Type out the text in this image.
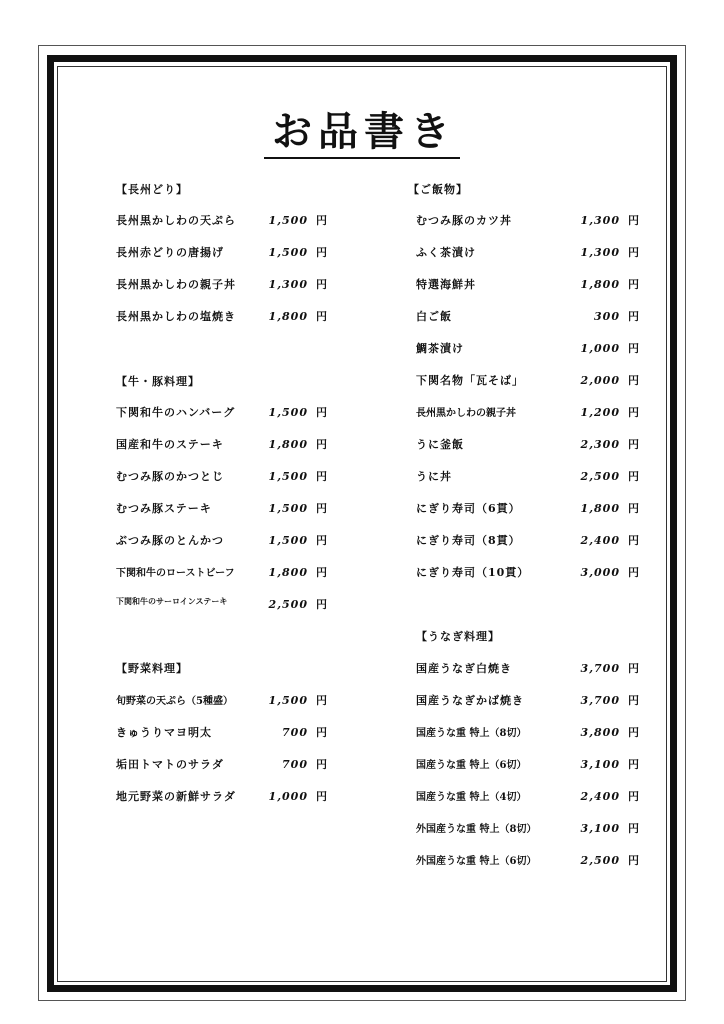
お品書き
【長州どり】
長州黒かしわの天ぷら	1,500 円
長州赤どりの唐揚げ	1,500 円
長州黒かしわの親子丼	1,300 円
長州黒かしわの塩焼き	1,800 円
【牛・豚料理】
下関和牛のハンバーグ	1,500 円
国産和牛のステーキ	1,800 円
むつみ豚のかつとじ	1,500 円
むつみ豚ステーキ	1,500 円
ぶつみ豚のとんかつ	1,500 円
下関和牛のローストビーフ	1,800 円
下関和牛のサーロインステーキ	2,500 円
【野菜料理】
旬野菜の天ぷら（5種盛）	1,500 円
きゅうりマヨ明太	700 円
垢田トマトのサラダ	700 円
地元野菜の新鮮サラダ	1,000 円
【ご飯物】
むつみ豚のカツ丼	1,300 円
ふく茶漬け	1,300 円
特選海鮮丼	1,800 円
白ご飯	300 円
鯛茶漬け	1,000 円
下関名物「瓦そば」	2,000 円
長州黒かしわの親子丼	1,200 円
うに釜飯	2,300 円
うに丼	2,500 円
にぎり寿司（6貫）	1,800 円
にぎり寿司（8貫）	2,400 円
にぎり寿司（10貫）	3,000 円
【うなぎ料理】
国産うなぎ白焼き	3,700 円
国産うなぎかば焼き	3,700 円
国産うな重 特上（8切）	3,800 円
国産うな重 特上（6切）	3,100 円
国産うな重 特上（4切）	2,400 円
外国産うな重 特上（8切）	3,100 円
外国産うな重 特上（6切）	2,500 円
